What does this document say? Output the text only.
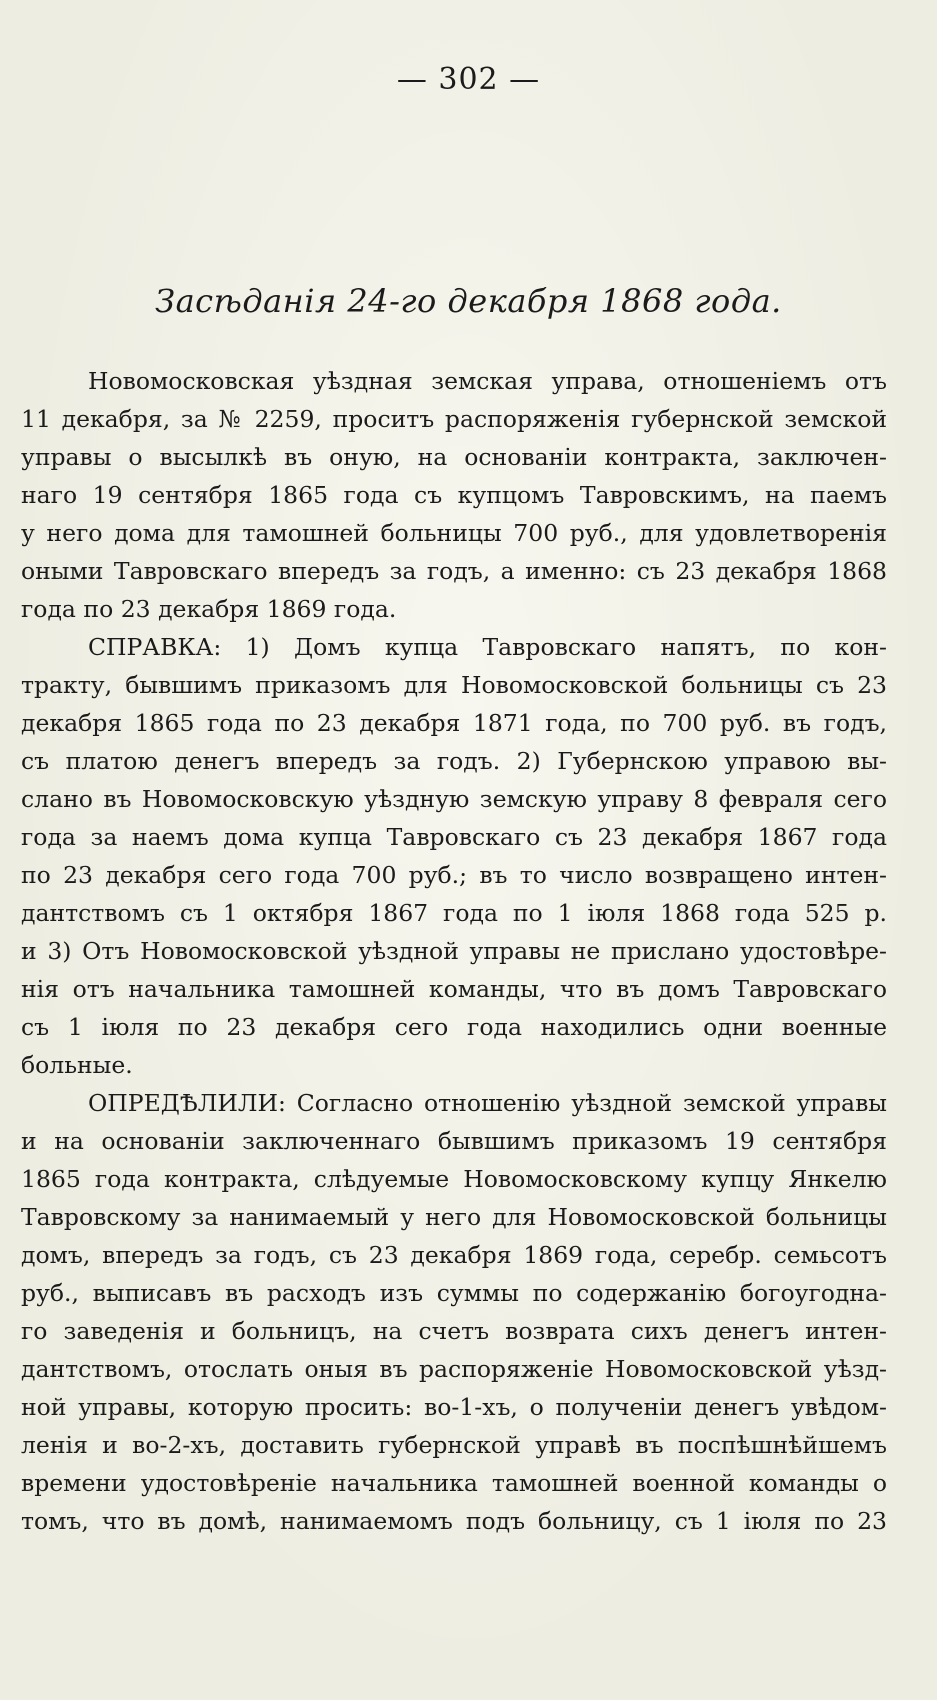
— 302 —
Засѣданія 24-го декабря 1868 года.
Новомосковская уѣздная земская управа, отношеніемъ отъ
11 декабря, за № 2259, проситъ распоряженія губернской земской
управы о высылкѣ въ оную, на основаніи контракта, заключен-
наго 19 сентября 1865 года съ купцомъ Тавровскимъ, на паемъ
у него дома для тамошней больницы 700 руб., для удовлетворенія
оными Тавровскаго впередъ за годъ, а именно: съ 23 декабря 1868
года по 23 декабря 1869 года.
СПРАВКА: 1) Домъ купца Тавровскаго напятъ, по кон-
тракту, бывшимъ приказомъ для Новомосковской больницы съ 23
декабря 1865 года по 23 декабря 1871 года, по 700 руб. въ годъ,
съ платою денегъ впередъ за годъ. 2) Губернскою управою вы-
слано въ Новомосковскую уѣздную земскую управу 8 февраля сего
года за наемъ дома купца Тавровскаго съ 23 декабря 1867 года
по 23 декабря сего года 700 руб.; въ то число возвращено интен-
дантствомъ съ 1 октября 1867 года по 1 іюля 1868 года 525 р.
и 3) Отъ Новомосковской уѣздной управы не прислано удостовѣре-
нія отъ начальника тамошней команды, что въ домъ Тавровскаго
съ 1 іюля по 23 декабря сего года находились одни военные
больные.
ОПРЕДѢЛИЛИ: Согласно отношенію уѣздной земской управы
и на основаніи заключеннаго бывшимъ приказомъ 19 сентября
1865 года контракта, слѣдуемые Новомосковскому купцу Янкелю
Тавровскому за нанимаемый у него для Новомосковской больницы
домъ, впередъ за годъ, съ 23 декабря 1869 года, серебр. семьсотъ
руб., выписавъ въ расходъ изъ суммы по содержанію богоугодна-
го заведенія и больницъ, на счетъ возврата сихъ денегъ интен-
дантствомъ, отослать оныя въ распоряженіе Новомосковской уѣзд-
ной управы, которую просить: во-1-хъ, о полученіи денегъ увѣдом-
ленія и во-2-хъ, доставить губернской управѣ въ поспѣшнѣйшемъ
времени удостовѣреніе начальника тамошней военной команды о
томъ, что въ домѣ, нанимаемомъ подъ больницу, съ 1 іюля по 23
